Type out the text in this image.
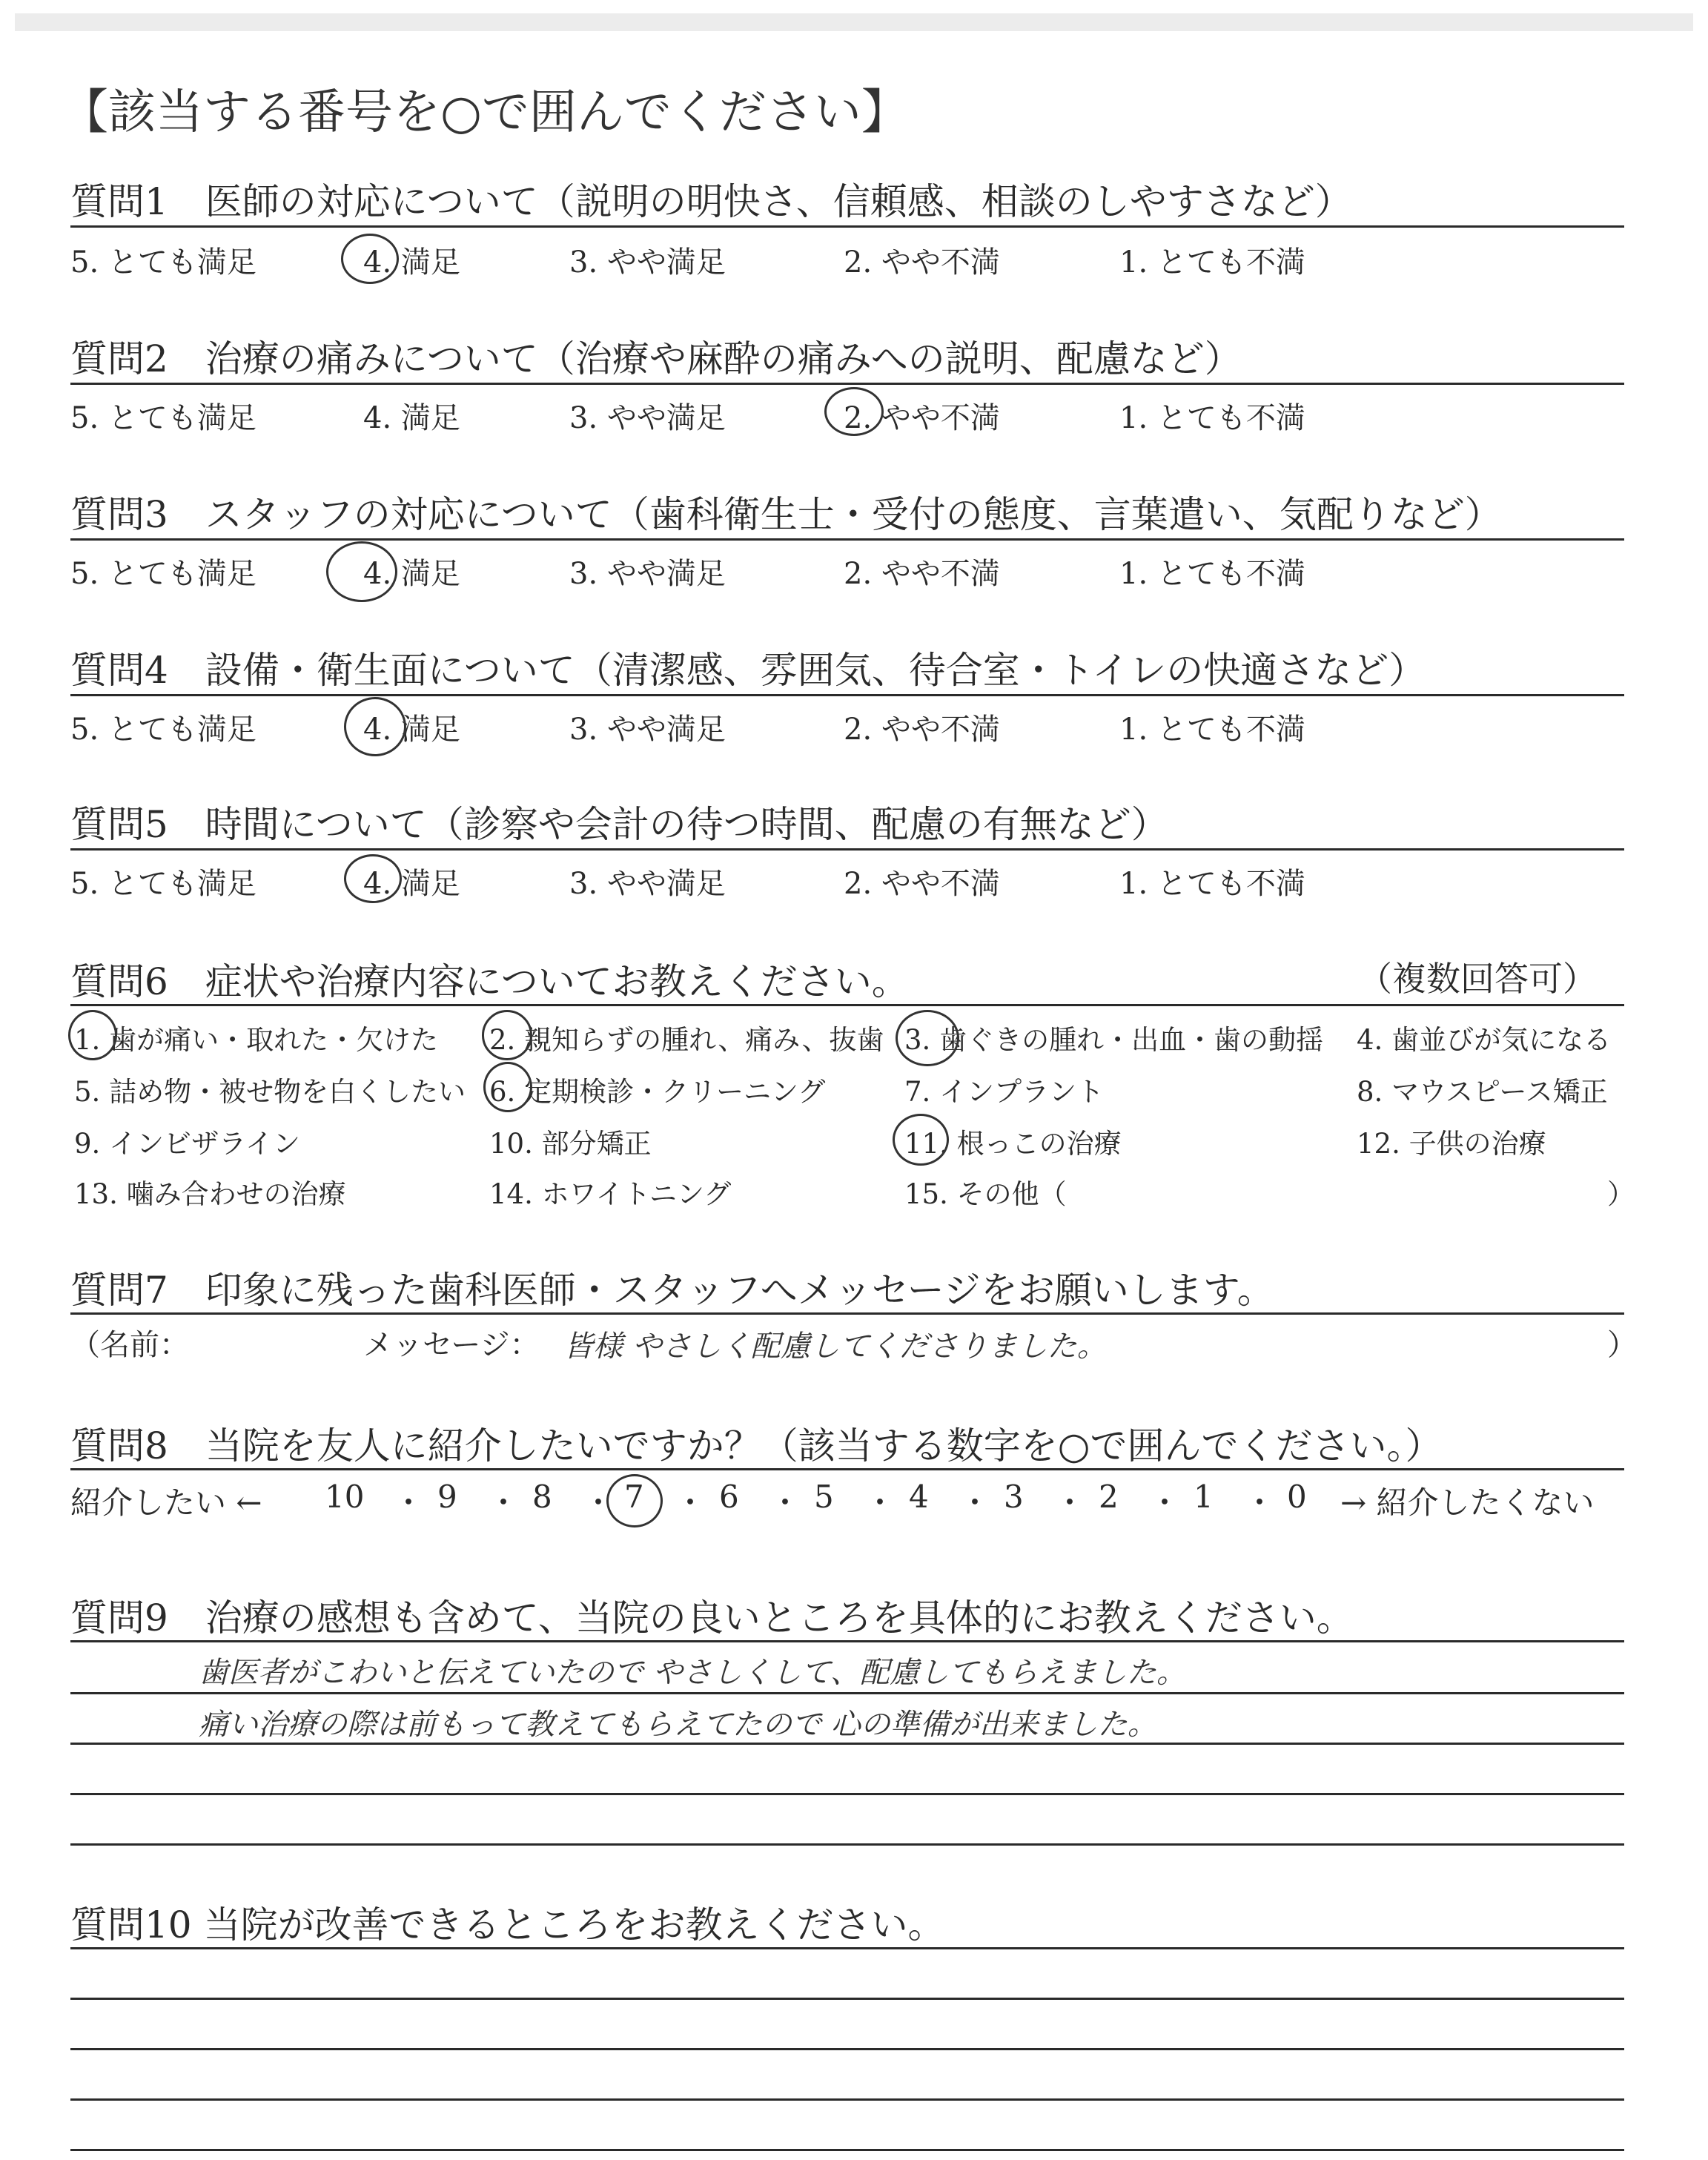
【該当する番号を○で囲んでください】
質問1　医師の対応について（説明の明快さ、信頼感、相談のしやすさなど）
5. とても満足	4. 満足	3. やや満足	2. やや不満	1. とても不満
質問2　治療の痛みについて（治療や麻酔の痛みへの説明、配慮など）
5. とても満足	4. 満足	3. やや満足	2. やや不満	1. とても不満
質問3　スタッフの対応について（歯科衛生士・受付の態度、言葉遣い、気配りなど）
5. とても満足	4. 満足	3. やや満足	2. やや不満	1. とても不満
質問4　設備・衛生面について（清潔感、雰囲気、待合室・トイレの快適さなど）
5. とても満足	4. 満足	3. やや満足	2. やや不満	1. とても不満
質問5　時間について（診察や会計の待つ時間、配慮の有無など）
5. とても満足	4. 満足	3. やや満足	2. やや不満	1. とても不満
質問6　症状や治療内容についてお教えください。	（複数回答可）
1. 歯が痛い・取れた・欠けた 2. 親知らずの腫れ、痛み、抜歯 3. 歯ぐきの腫れ・出血・歯の動揺 4. 歯並びが気になる
5. 詰め物・被せ物を白くしたい 6. 定期検診・クリーニング	7. インプラント	8. マウスピース矯正
9. インビザライン	10. 部分矯正	11. 根っこの治療	12. 子供の治療
13. 噛み合わせの治療	14. ホワイトニング	15. その他（	）
質問7　印象に残った歯科医師・スタッフへメッセージをお願いします。
（名前：	メッセージ： 皆様 やさしく配慮してくださりました。	）
質問8　当院を友人に紹介したいですか？（該当する数字を○で囲んでください。）
紹介したい ←	→ 紹介したくない
10 ・ 9 ・ 8 ・ 7 ・ 6 ・ 5 ・ 4 ・ 3 ・ 2 ・ 1 ・ 0
質問9　治療の感想も含めて、当院の良いところを具体的にお教えください。
歯医者がこわいと伝えていたので やさしくして、配慮してもらえました。
痛い治療の際は前もって教えてもらえてたので 心の準備が出来ました。
質問10 当院が改善できるところをお教えください。
